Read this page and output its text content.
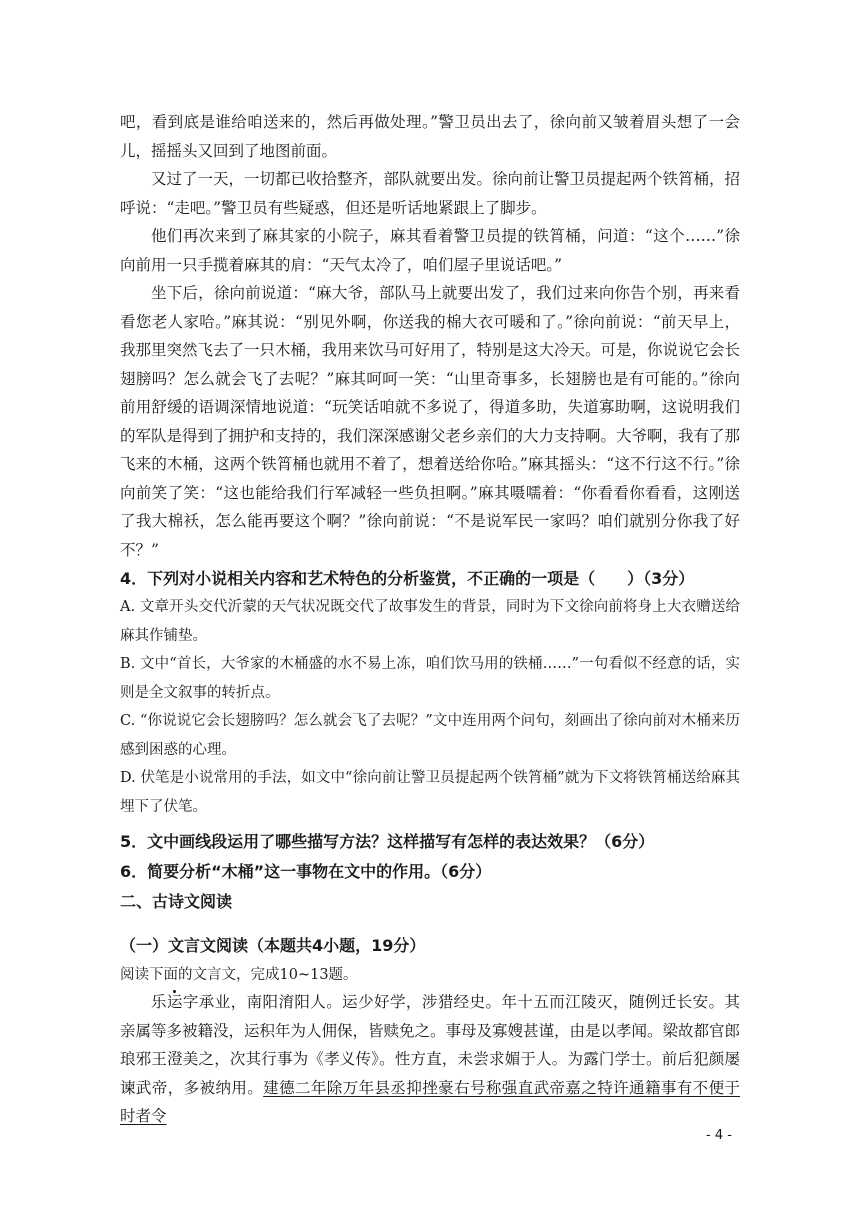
吧，看到底是谁给咱送来的，然后再做处理。”警卫员出去了，徐向前又皱着眉头想了一会儿，摇摇头又回到了地图前面。
又过了一天，一切都已收拾整齐，部队就要出发。徐向前让警卫员提起两个铁筲桶，招呼说：“走吧。”警卫员有些疑惑，但还是听话地紧跟上了脚步。
他们再次来到了麻其家的小院子，麻其看着警卫员提的铁筲桶，问道：“这个……”徐向前用一只手揽着麻其的肩：“天气太冷了，咱们屋子里说话吧。”
坐下后，徐向前说道：“麻大爷，部队马上就要出发了，我们过来向你告个别，再来看看您老人家哈。”麻其说：“别见外啊，你送我的棉大衣可暖和了。”徐向前说：“前天早上，我那里突然飞去了一只木桶，我用来饮马可好用了，特别是这大冷天。可是，你说说它会长翅膀吗？怎么就会飞了去呢？”麻其呵呵一笑：“山里奇事多，长翅膀也是有可能的。”徐向前用舒缓的语调深情地说道：“玩笑话咱就不多说了，得道多助，失道寡助啊，这说明我们的军队是得到了拥护和支持的，我们深深感谢父老乡亲们的大力支持啊。大爷啊，我有了那飞来的木桶，这两个铁筲桶也就用不着了，想着送给你哈。”麻其摇头：“这不行这不行。”徐向前笑了笑：“这也能给我们行军减轻一些负担啊。”麻其嗫嚅着：“你看看你看看，这刚送了我大棉袄，怎么能再要这个啊？”徐向前说：“不是说军民一家吗？咱们就别分你我了好不？”
4．下列对小说相关内容和艺术特色的分析鉴赏，不正确的一项是（　　）（3分）
A. 文章开头交代沂蒙的天气状况既交代了故事发生的背景，同时为下文徐向前将身上大衣赠送给麻其作铺垫。
B. 文中“首长，大爷家的木桶盛的水不易上冻，咱们饮马用的铁桶……”一句看似不经意的话，实则是全文叙事的转折点。
C. “你说说它会长翅膀吗？怎么就会飞了去呢？”文中连用两个问句，刻画出了徐向前对木桶来历感到困惑的心理。
D. 伏笔是小说常用的手法，如文中“徐向前让警卫员提起两个铁筲桶”就为下文将铁筲桶送给麻其埋下了伏笔。
5．文中画线段运用了哪些描写方法？这样描写有怎样的表达效果？（6分）
6．简要分析“木桶”这一事物在文中的作用。（6分）
二、古诗文阅读
（一）文言文阅读（本题共4小题，19分）
阅读下面的文言文，完成10~13题。
乐运字承业，南阳淯阳人。运少好学，涉猎经史。年十五而江陵灭，随例迁长安。其亲属等多被籍没，运积年为人佣保，皆赎免之。事母及寡嫂甚谨，由是以孝闻。梁故都官郎琅邪王澄美之，次其行事为《孝义传》。性方直，未尝求媚于人。为露门学士。前后犯颜屡谏武帝，多被纳用。建德二年除万年县丞抑挫豪右号称强直武帝嘉之特许通籍事有不便于时者令
- 4 -
